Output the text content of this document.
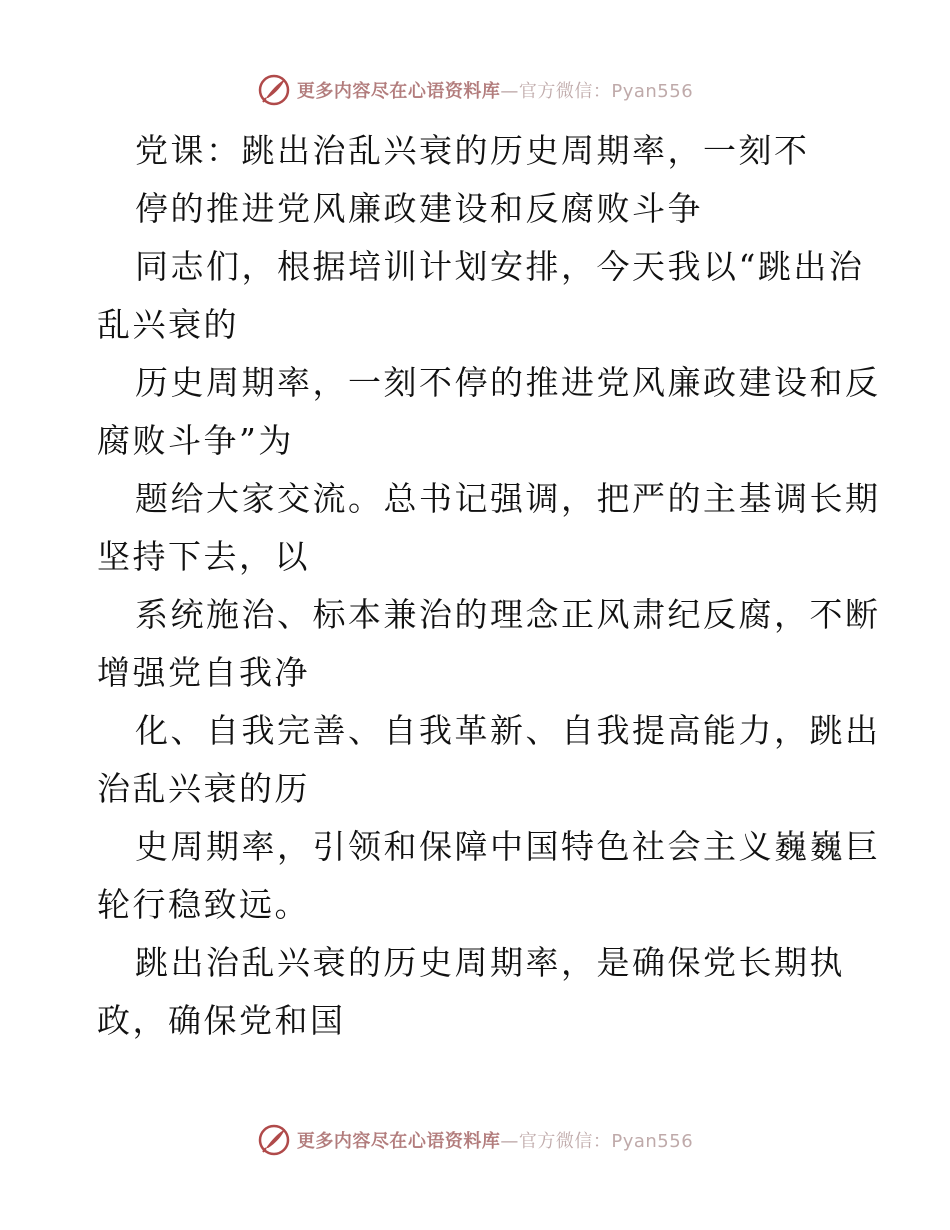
更多内容尽在心语资料库—官方微信：Pyan556
党课：跳出治乱兴衰的历史周期率，一刻不
停的推进党风廉政建设和反腐败斗争
同志们，根据培训计划安排，今天我以“跳出治
乱兴衰的
历史周期率，一刻不停的推进党风廉政建设和反
腐败斗争”为
题给大家交流。总书记强调，把严的主基调长期
坚持下去，以
系统施治、标本兼治的理念正风肃纪反腐，不断
增强党自我净
化、自我完善、自我革新、自我提高能力，跳出
治乱兴衰的历
史周期率，引领和保障中国特色社会主义巍巍巨
轮行稳致远。
跳出治乱兴衰的历史周期率，是确保党长期执
政，确保党和国
更多内容尽在心语资料库—官方微信：Pyan556
